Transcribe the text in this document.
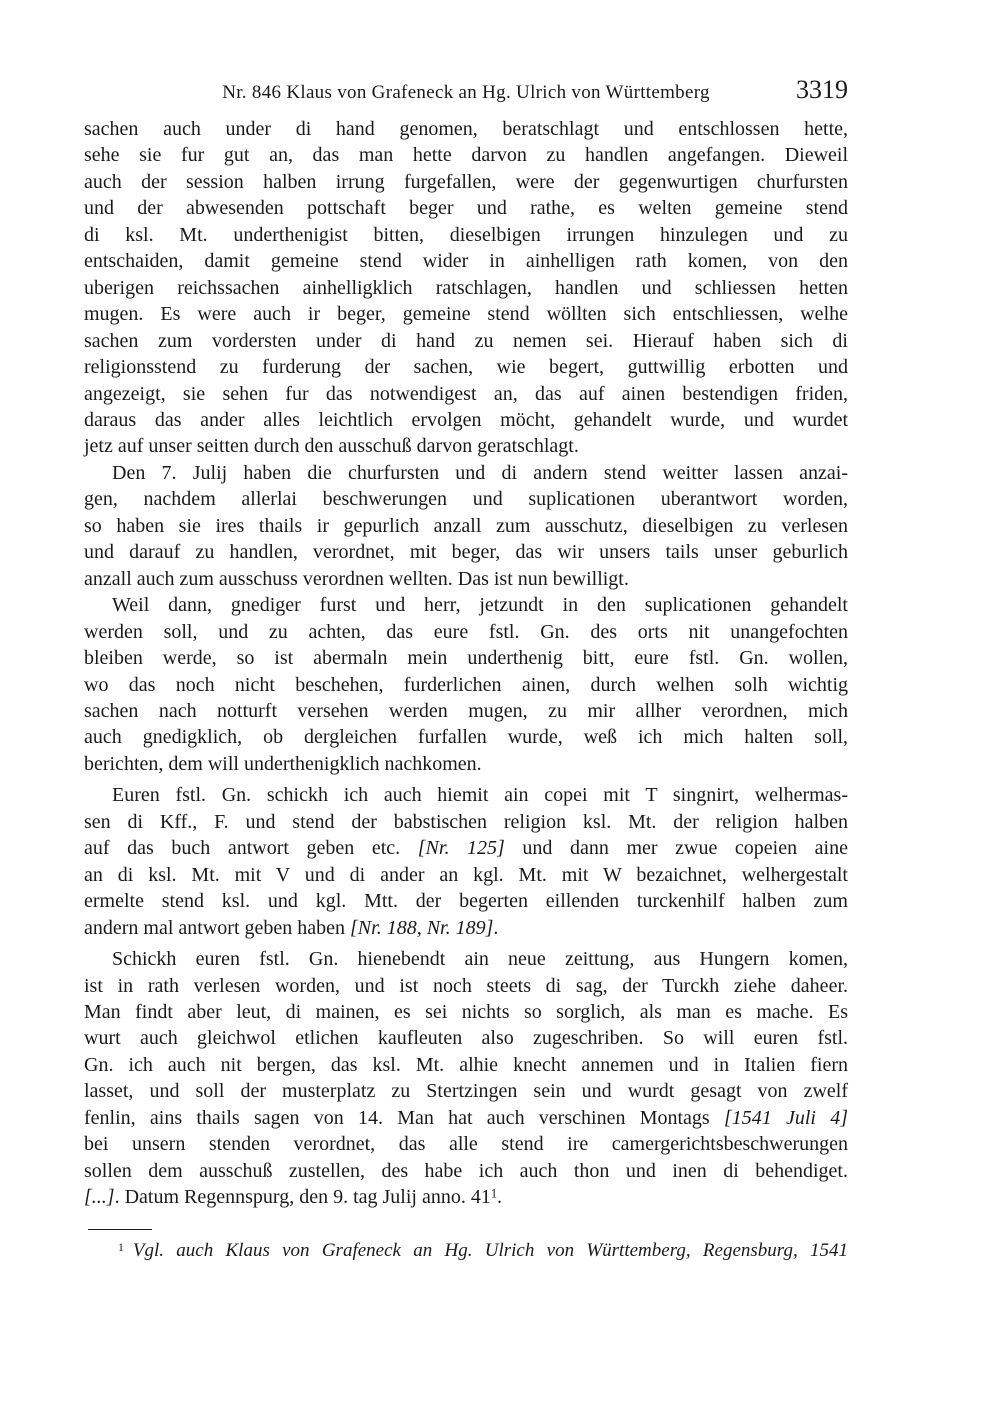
Nr. 846 Klaus von Grafeneck an Hg. Ulrich von Württemberg	3319
sachen auch under di hand genomen, beratschlagt und entschlossen hette,
sehe sie fur gut an, das man hette darvon zu handlen angefangen. Dieweil
auch der session halben irrung furgefallen, were der gegenwurtigen churfursten
und der abwesenden pottschaft beger und rathe, es welten gemeine stend
di ksl. Mt. underthenigist bitten, dieselbigen irrungen hinzulegen und zu
entschaiden, damit gemeine stend wider in ainhelligen rath komen, von den
uberigen reichssachen ainhelligklich ratschlagen, handlen und schliessen hetten
mugen. Es were auch ir beger, gemeine stend wöllten sich entschliessen, welhe
sachen zum vordersten under di hand zu nemen sei. Hierauf haben sich di
religionsstend zu furderung der sachen, wie begert, guttwillig erbotten und
angezeigt, sie sehen fur das notwendigest an, das auf ainen bestendigen friden,
daraus das ander alles leichtlich ervolgen möcht, gehandelt wurde, und wurdet
jetz auf unser seitten durch den ausschuß darvon geratschlagt.
Den 7. Julij haben die churfursten und di andern stend weitter lassen anzai-
gen, nachdem allerlai beschwerungen und suplicationen uberantwort worden,
so haben sie ires thails ir gepurlich anzall zum ausschutz, dieselbigen zu verlesen
und darauf zu handlen, verordnet, mit beger, das wir unsers tails unser geburlich
anzall auch zum ausschuss verordnen wellten. Das ist nun bewilligt.
Weil dann, gnediger furst und herr, jetzundt in den suplicationen gehandelt
werden soll, und zu achten, das eure fstl. Gn. des orts nit unangefochten
bleiben werde, so ist abermaln mein underthenig bitt, eure fstl. Gn. wollen,
wo das noch nicht beschehen, furderlichen ainen, durch welhen solh wichtig
sachen nach notturft versehen werden mugen, zu mir allher verordnen, mich
auch gnedigklich, ob dergleichen furfallen wurde, weß ich mich halten soll,
berichten, dem will underthenigklich nachkomen.
Euren fstl. Gn. schickh ich auch hiemit ain copei mit T singnirt, welhermas-
sen di Kff., F. und stend der babstischen religion ksl. Mt. der religion halben
auf das buch antwort geben etc. [Nr. 125] und dann mer zwue copeien aine
an di ksl. Mt. mit V und di ander an kgl. Mt. mit W bezaichnet, welhergestalt
ermelte stend ksl. und kgl. Mtt. der begerten eillenden turckenhilf halben zum
andern mal antwort geben haben [Nr. 188, Nr. 189].
Schickh euren fstl. Gn. hienebendt ain neue zeittung, aus Hungern komen,
ist in rath verlesen worden, und ist noch steets di sag, der Turckh ziehe daheer.
Man findt aber leut, di mainen, es sei nichts so sorglich, als man es mache. Es
wurt auch gleichwol etlichen kaufleuten also zugeschriben. So will euren fstl.
Gn. ich auch nit bergen, das ksl. Mt. alhie knecht annemen und in Italien fiern
lasset, und soll der musterplatz zu Stertzingen sein und wurdt gesagt von zwelf
fenlin, ains thails sagen von 14. Man hat auch verschinen Montags [1541 Juli 4]
bei unsern stenden verordnet, das alle stend ire camergerichtsbeschwerungen
sollen dem ausschuß zustellen, des habe ich auch thon und inen di behendiget.
[...]. Datum Regennspurg, den 9. tag Julij anno. $41^1$.
$^1$ Vgl. auch Klaus von Grafeneck an Hg. Ulrich von Württemberg, Regensburg, 1541
